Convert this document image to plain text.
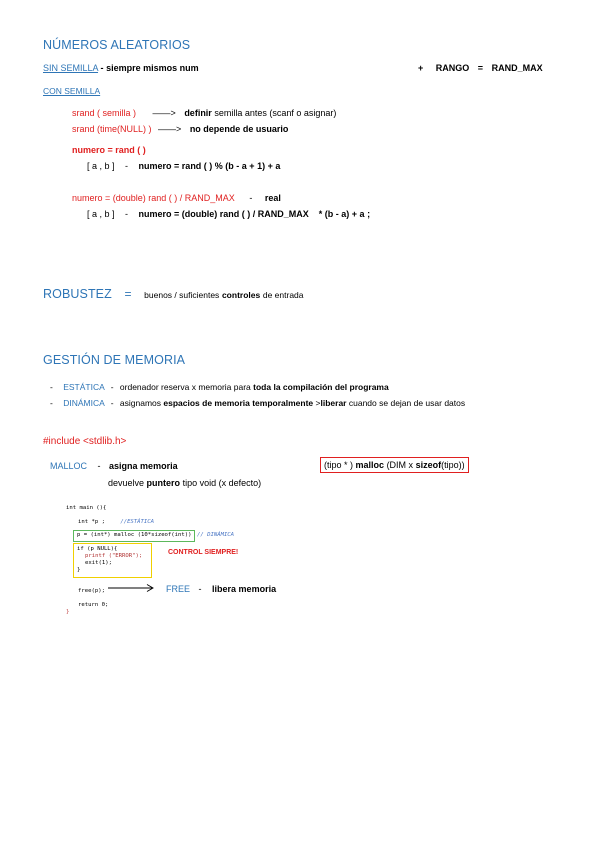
NÚMEROS ALEATORIOS
SIN SEMILLA - siempre mismos num	+ RANGO = RAND_MAX
CON SEMILLA
srand ( semilla ) ——> definir semilla antes (scanf o asignar)
srand (time(NULL) ) ——> no depende de usuario
numero = rand ( )
[ a , b ] - numero = rand ( ) % (b - a + 1) + a
numero = (double) rand ( ) / RAND_MAX - real
[ a , b ] - numero = (double) rand ( ) / RAND_MAX    * (b - a) + a ;
ROBUSTEZ = buenos / suficientes controles de entrada
GESTIÓN DE MEMORIA
- ESTÁTICA - ordenador reserva x memoria para toda la compilación del programa
- DINÁMICA - asignamos espacios de memoria temporalmente >liberar cuando se dejan de usar datos
#include <stdlib.h>
MALLOC - asigna memoria
devuelve puntero tipo void (x defecto)
(tipo * ) malloc (DIM x sizeof(tipo))
int main (){
int *p ;	//ESTÁTICA
p = (int*) malloc (10*sizeof(int)) // DINÁMICA
if (p NULL){
printf ("ERROR");
exit(1);
}
CONTROL SIEMPRE!
free(p);	FREE - libera memoria
return 0;
}
